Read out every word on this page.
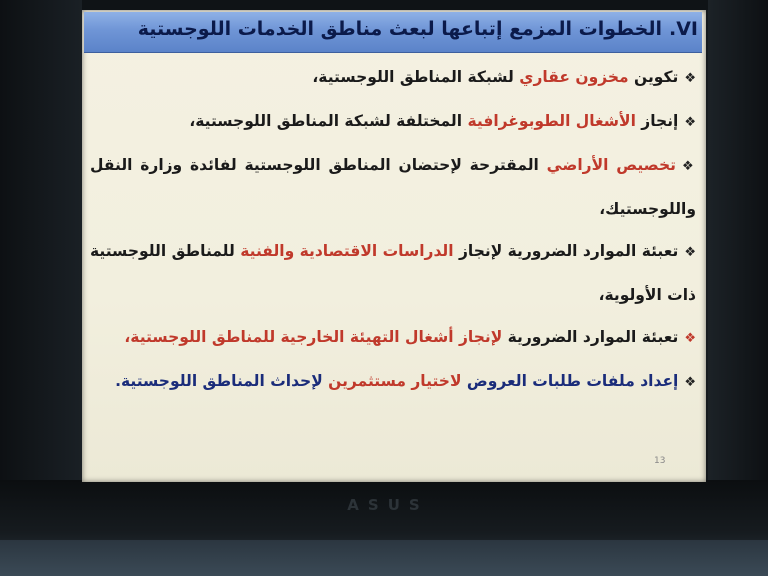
ASUS
VI.
الخطوات المزمع إتباعها لبعث مناطق الخدمات اللوجستية

❖تكوين مخزون عقاري لشبكة المناطق اللوجستية،

❖إنجاز الأشغال الطوبوغرافية المختلفة لشبكة المناطق اللوجستية،

❖تخصيص الأراضي المقترحة لإحتضان المناطق اللوجستية لفائدة وزارة النقل واللوجستيك،

❖تعبئة الموارد الضرورية لإنجاز الدراسات الاقتصادية والفنية للمناطق اللوجستية ذات الأولوية،

❖تعبئة الموارد الضرورية لإنجاز أشغال التهيئة الخارجية للمناطق اللوجستية،

❖إعداد ملفات طلبات العروض لاختيار مستثمرين لإحداث المناطق اللوجستية.

13
